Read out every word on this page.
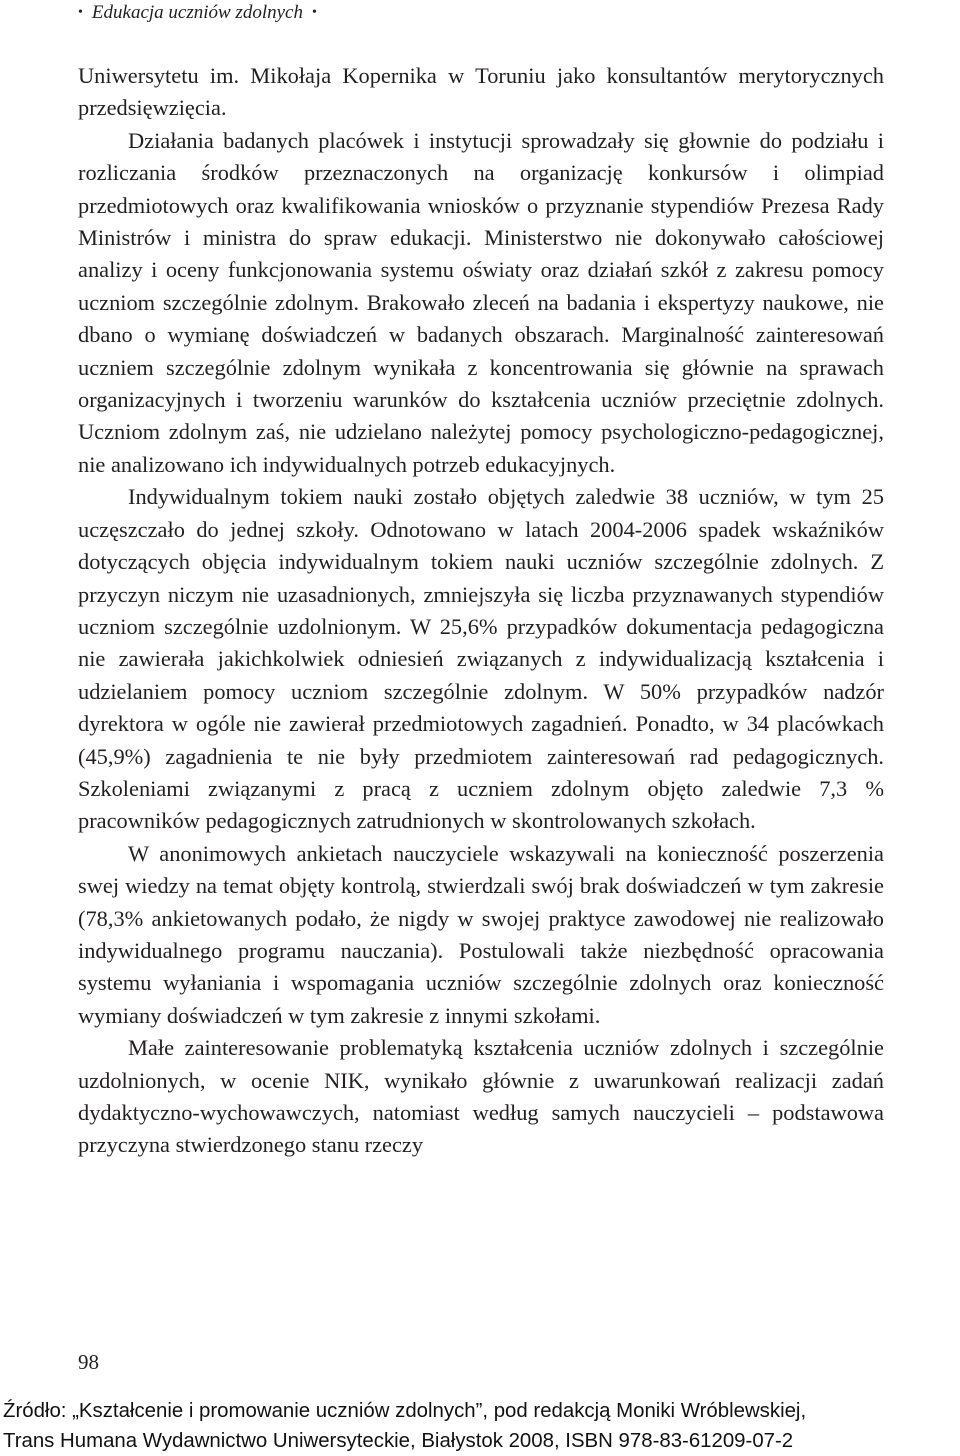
• Edukacja uczniów zdolnych •

Uniwersytetu im. Mikołaja Kopernika w Toruniu jako konsultantów merytorycznych przedsięwzięcia.

Działania badanych placówek i instytucji sprowadzały się głownie do podziału i rozliczania środków przeznaczonych na organizację konkursów i olimpiad przedmiotowych oraz kwalifikowania wniosków o przyznanie stypendiów Prezesa Rady Ministrów i ministra do spraw edukacji. Ministerstwo nie dokonywało całościowej analizy i oceny funkcjonowania systemu oświaty oraz działań szkół z zakresu pomocy uczniom szczególnie zdolnym. Brakowało zleceń na badania i ekspertyzy naukowe, nie dbano o wymianę doświadczeń w badanych obszarach. Marginalność zainteresowań uczniem szczególnie zdolnym wynikała z koncentrowania się głównie na sprawach organizacyjnych i tworzeniu warunków do kształcenia uczniów przeciętnie zdolnych. Uczniom zdolnym zaś, nie udzielano należytej pomocy psychologiczno-pedagogicznej, nie analizowano ich indywidualnych potrzeb edukacyjnych.

Indywidualnym tokiem nauki zostało objętych zaledwie 38 uczniów, w tym 25 uczęszczało do jednej szkoły. Odnotowano w latach 2004-2006 spadek wskaźników dotyczących objęcia indywidualnym tokiem nauki uczniów szczególnie zdolnych. Z przyczyn niczym nie uzasadnionych, zmniejszyła się liczba przyznawanych stypendiów uczniom szczególnie uzdolnionym. W 25,6% przypadków dokumentacja pedagogiczna nie zawierała jakichkolwiek odniesień związanych z indywidualizacją kształcenia i udzielaniem pomocy uczniom szczególnie zdolnym. W 50% przypadków nadzór dyrektora w ogóle nie zawierał przedmiotowych zagadnień. Ponadto, w 34 placówkach (45,9%) zagadnienia te nie były przedmiotem zainteresowań rad pedagogicznych. Szkoleniami związanymi z pracą z uczniem zdolnym objęto zaledwie 7,3 % pracowników pedagogicznych zatrudnionych w skontrolowanych szkołach.

W anonimowych ankietach nauczyciele wskazywali na konieczność poszerzenia swej wiedzy na temat objęty kontrolą, stwierdzali swój brak doświadczeń w tym zakresie (78,3% ankietowanych podało, że nigdy w swojej praktyce zawodowej nie realizowało indywidualnego programu nauczania). Postulowali także niezbędność opracowania systemu wyłaniania i wspomagania uczniów szczególnie zdolnych oraz konieczność wymiany doświadczeń w tym zakresie z innymi szkołami.

Małe zainteresowanie problematyką kształcenia uczniów zdolnych i szczególnie uzdolnionych, w ocenie NIK, wynikało głównie z uwarunkowań realizacji zadań dydaktyczno-wychowawczych, natomiast według samych nauczycieli – podstawowa przyczyna stwierdzonego stanu rzeczy

98
Źródło: „Kształcenie i promowanie uczniów zdolnych”, pod redakcją Moniki Wróblewskiej,
Trans Humana Wydawnictwo Uniwersyteckie, Białystok 2008, ISBN 978-83-61209-07-2
